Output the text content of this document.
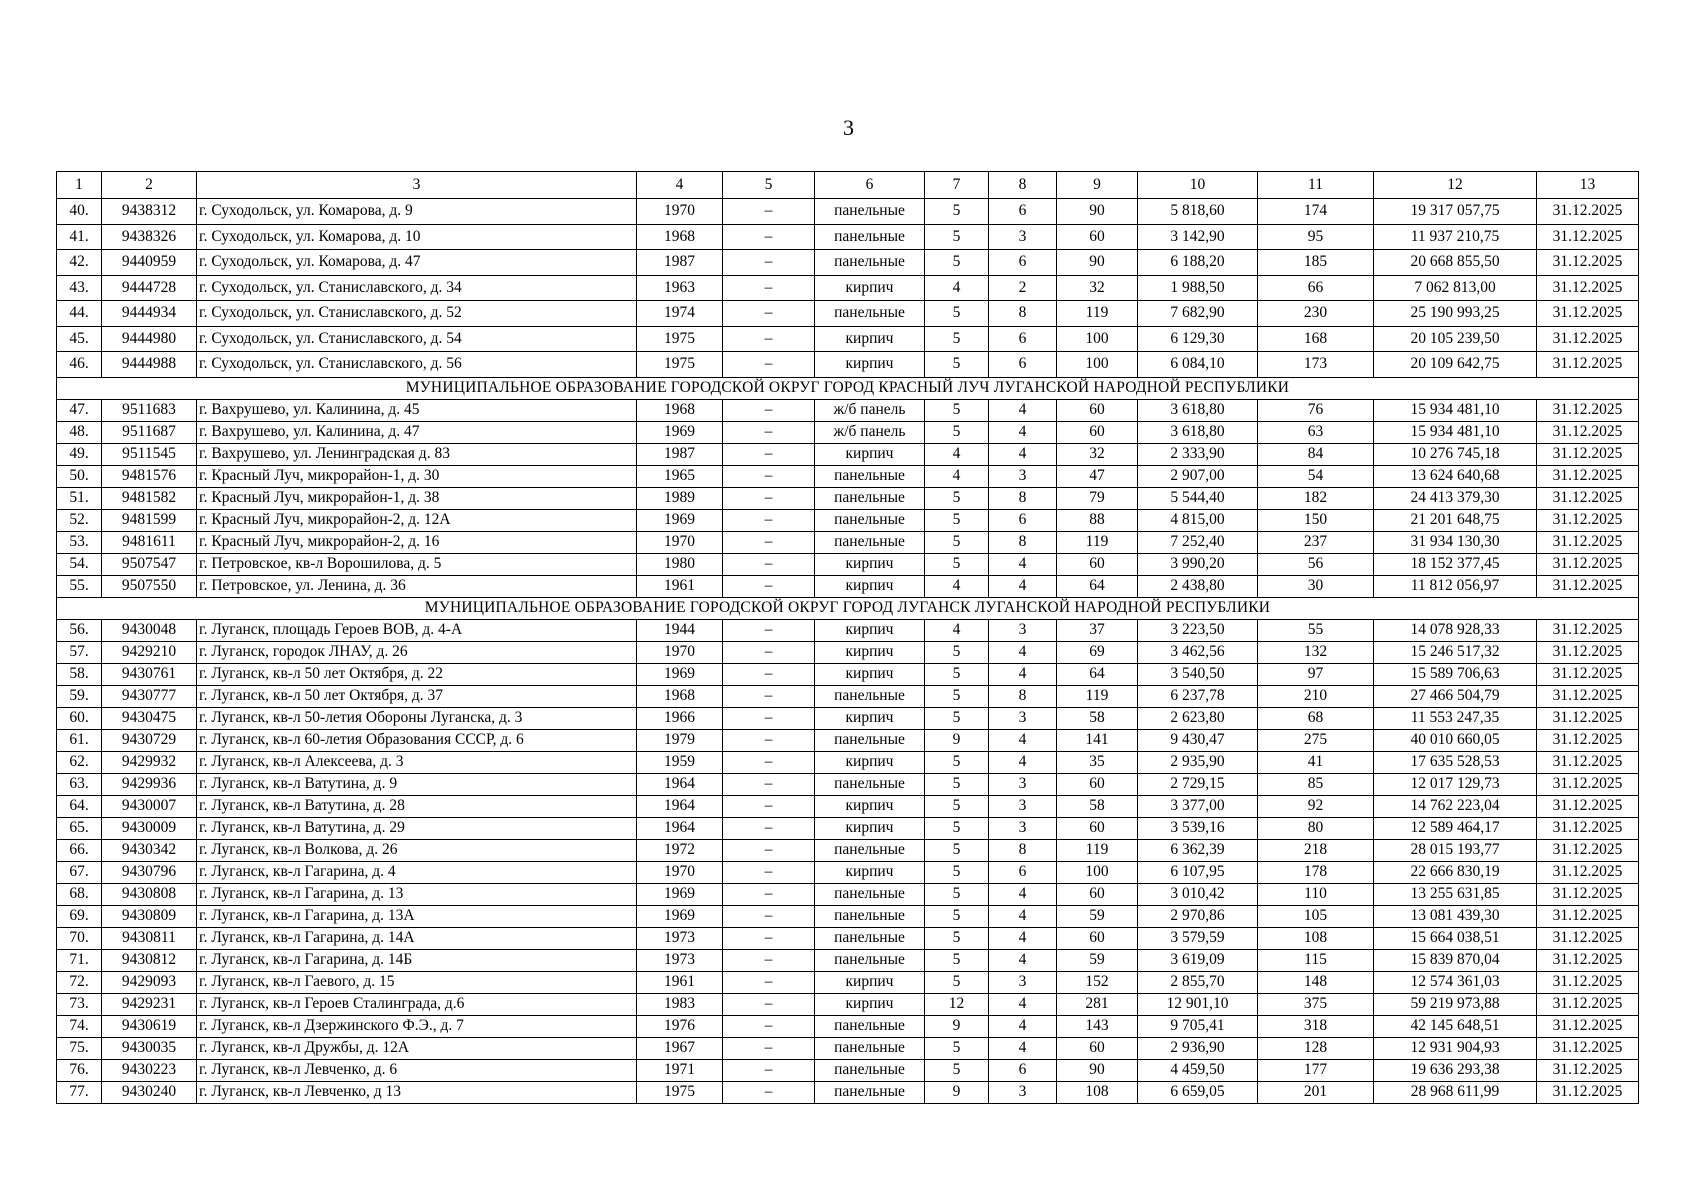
3
1	2	3	4	5	6	7	8	9	10	11	12	13
40.	9438312	г. Суходольск, ул. Комарова, д. 9	1970	–	панельные	5	6	90	5 818,60	174	19 317 057,75	31.12.2025
41.	9438326	г. Суходольск, ул. Комарова, д. 10	1968	–	панельные	5	3	60	3 142,90	95	11 937 210,75	31.12.2025
42.	9440959	г. Суходольск, ул. Комарова, д. 47	1987	–	панельные	5	6	90	6 188,20	185	20 668 855,50	31.12.2025
43.	9444728	г. Суходольск, ул. Станиславского, д. 34	1963	–	кирпич	4	2	32	1 988,50	66	7 062 813,00	31.12.2025
44.	9444934	г. Суходольск, ул. Станиславского, д. 52	1974	–	панельные	5	8	119	7 682,90	230	25 190 993,25	31.12.2025
45.	9444980	г. Суходольск, ул. Станиславского, д. 54	1975	–	кирпич	5	6	100	6 129,30	168	20 105 239,50	31.12.2025
46.	9444988	г. Суходольск, ул. Станиславского, д. 56	1975	–	кирпич	5	6	100	6 084,10	173	20 109 642,75	31.12.2025
МУНИЦИПАЛЬНОЕ ОБРАЗОВАНИЕ ГОРОДСКОЙ ОКРУГ ГОРОД КРАСНЫЙ ЛУЧ ЛУГАНСКОЙ НАРОДНОЙ РЕСПУБЛИКИ												
47.	9511683	г. Вахрушево, ул. Калинина, д. 45	1968	–	ж/б панель	5	4	60	3 618,80	76	15 934 481,10	31.12.2025
48.	9511687	г. Вахрушево, ул. Калинина, д. 47	1969	–	ж/б панель	5	4	60	3 618,80	63	15 934 481,10	31.12.2025
49.	9511545	г. Вахрушево, ул. Ленинградская д. 83	1987	–	кирпич	4	4	32	2 333,90	84	10 276 745,18	31.12.2025
50.	9481576	г. Красный Луч, микрорайон-1, д. 30	1965	–	панельные	4	3	47	2 907,00	54	13 624 640,68	31.12.2025
51.	9481582	г. Красный Луч, микрорайон-1, д. 38	1989	–	панельные	5	8	79	5 544,40	182	24 413 379,30	31.12.2025
52.	9481599	г. Красный Луч, микрорайон-2, д. 12А	1969	–	панельные	5	6	88	4 815,00	150	21 201 648,75	31.12.2025
53.	9481611	г. Красный Луч, микрорайон-2, д. 16	1970	–	панельные	5	8	119	7 252,40	237	31 934 130,30	31.12.2025
54.	9507547	г. Петровское, кв-л Ворошилова, д. 5	1980	–	кирпич	5	4	60	3 990,20	56	18 152 377,45	31.12.2025
55.	9507550	г. Петровское, ул. Ленина, д. 36	1961	–	кирпич	4	4	64	2 438,80	30	11 812 056,97	31.12.2025
МУНИЦИПАЛЬНОЕ ОБРАЗОВАНИЕ ГОРОДСКОЙ ОКРУГ ГОРОД ЛУГАНСК ЛУГАНСКОЙ НАРОДНОЙ РЕСПУБЛИКИ												
56.	9430048	г. Луганск, площадь Героев ВОВ, д. 4-А	1944	–	кирпич	4	3	37	3 223,50	55	14 078 928,33	31.12.2025
57.	9429210	г. Луганск, городок ЛНАУ, д. 26	1970	–	кирпич	5	4	69	3 462,56	132	15 246 517,32	31.12.2025
58.	9430761	г. Луганск, кв-л 50 лет Октября, д. 22	1969	–	кирпич	5	4	64	3 540,50	97	15 589 706,63	31.12.2025
59.	9430777	г. Луганск, кв-л 50 лет Октября, д. 37	1968	–	панельные	5	8	119	6 237,78	210	27 466 504,79	31.12.2025
60.	9430475	г. Луганск, кв-л 50-летия Обороны Луганска, д. 3	1966	–	кирпич	5	3	58	2 623,80	68	11 553 247,35	31.12.2025
61.	9430729	г. Луганск, кв-л 60-летия Образования СССР, д. 6	1979	–	панельные	9	4	141	9 430,47	275	40 010 660,05	31.12.2025
62.	9429932	г. Луганск, кв-л Алексеева, д. 3	1959	–	кирпич	5	4	35	2 935,90	41	17 635 528,53	31.12.2025
63.	9429936	г. Луганск, кв-л Ватутина, д. 9	1964	–	панельные	5	3	60	2 729,15	85	12 017 129,73	31.12.2025
64.	9430007	г. Луганск, кв-л Ватутина, д. 28	1964	–	кирпич	5	3	58	3 377,00	92	14 762 223,04	31.12.2025
65.	9430009	г. Луганск, кв-л Ватутина, д. 29	1964	–	кирпич	5	3	60	3 539,16	80	12 589 464,17	31.12.2025
66.	9430342	г. Луганск, кв-л Волкова, д. 26	1972	–	панельные	5	8	119	6 362,39	218	28 015 193,77	31.12.2025
67.	9430796	г. Луганск, кв-л Гагарина, д. 4	1970	–	кирпич	5	6	100	6 107,95	178	22 666 830,19	31.12.2025
68.	9430808	г. Луганск, кв-л Гагарина, д. 13	1969	–	панельные	5	4	60	3 010,42	110	13 255 631,85	31.12.2025
69.	9430809	г. Луганск, кв-л Гагарина, д. 13А	1969	–	панельные	5	4	59	2 970,86	105	13 081 439,30	31.12.2025
70.	9430811	г. Луганск, кв-л Гагарина, д. 14А	1973	–	панельные	5	4	60	3 579,59	108	15 664 038,51	31.12.2025
71.	9430812	г. Луганск, кв-л Гагарина, д. 14Б	1973	–	панельные	5	4	59	3 619,09	115	15 839 870,04	31.12.2025
72.	9429093	г. Луганск, кв-л Гаевого, д. 15	1961	–	кирпич	5	3	152	2 855,70	148	12 574 361,03	31.12.2025
73.	9429231	г. Луганск, кв-л Героев Сталинграда, д.6	1983	–	кирпич	12	4	281	12 901,10	375	59 219 973,88	31.12.2025
74.	9430619	г. Луганск, кв-л Дзержинского Ф.Э., д. 7	1976	–	панельные	9	4	143	9 705,41	318	42 145 648,51	31.12.2025
75.	9430035	г. Луганск, кв-л Дружбы, д. 12А	1967	–	панельные	5	4	60	2 936,90	128	12 931 904,93	31.12.2025
76.	9430223	г. Луганск, кв-л Левченко, д. 6	1971	–	панельные	5	6	90	4 459,50	177	19 636 293,38	31.12.2025
77.	9430240	г. Луганск, кв-л Левченко, д 13	1975	–	панельные	9	3	108	6 659,05	201	28 968 611,99	31.12.2025
